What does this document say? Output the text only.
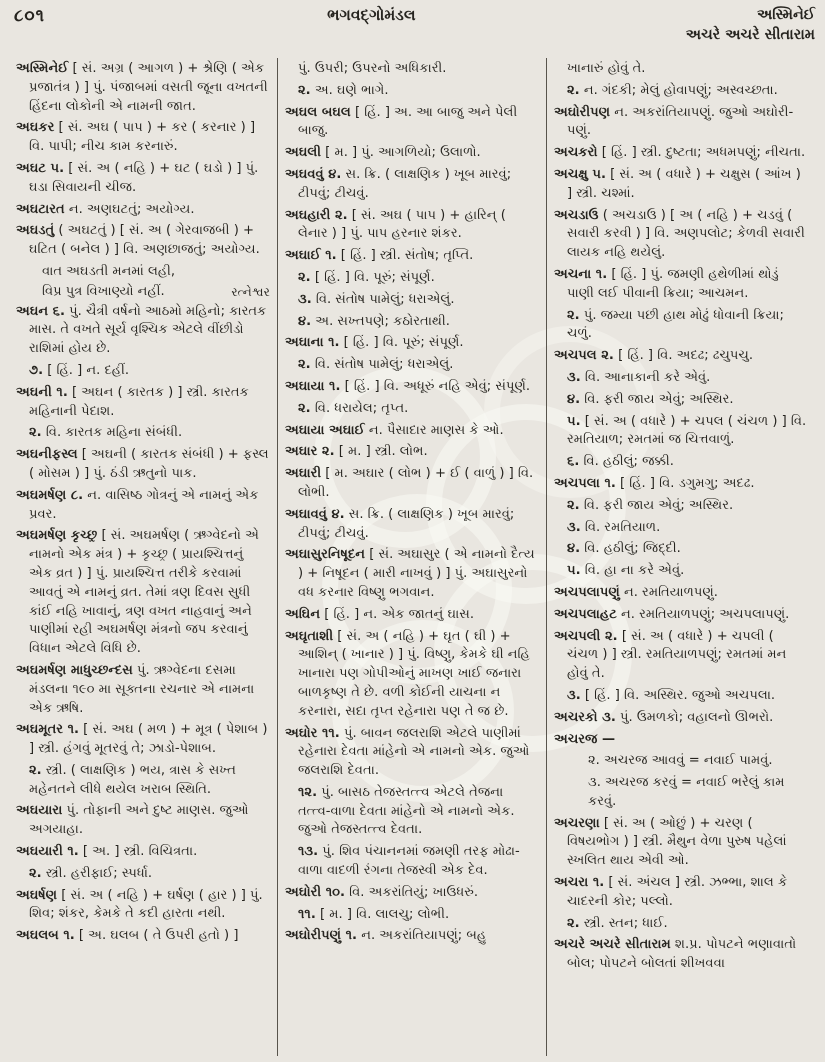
૮૦૧	ભગવદ્ગોમંડલ	અસ્મિનેઈ
અચરે અચરે સીતારામ

અસ્મિનેઈ [ સં. અગ્ર ( આગળ ) + શ્રેણિ ( એક પ્રજાતંત્ર ) ] પું. પંજાબમાં વસતી જૂના વખતની હિંદના લોકોની એ નામની જાત.

અઘકર [ સં. અઘ ( પાપ ) + કર ( કરનાર ) ] વિ. પાપી; નીચ કામ કરનારું.

અઘટ ૫. [ સં. અ ( નહિ ) + ઘટ ( ઘડો ) ] પું. ઘડા સિવાયની ચીજ.

અઘટારત ન. અણઘટતું; અયોગ્ય.

અઘડતું ( અઘટતું ) [ સં. અ ( ગેરવાજબી ) + ઘટિત ( બનેલ ) ] વિ. અણછાજતું; અયોગ્ય.

વાત અઘડતી મનમાં લહી,

વિપ્ર પુત્ર વિખાણ્યો નહીં.	રત્નેશ્વર

અઘન ૬. પું. ચૈત્રી વર્ષનો આઠમો મહિનો; કારતક માસ. તે વખતે સૂર્ય વૃશ્ચિક એટલે વીંછીડો રાશિમાં હોય છે.

૭. [ હિં. ] ન. દહીં.

અઘની ૧. [ અઘન ( કારતક ) ] સ્ત્રી. કારતક મહિનાની પેદાશ.

૨. વિ. કારતક મહિના સંબંધી.

અઘનીફસ્લ [ અઘની ( કારતક સંબંધી ) + ફસ્લ ( મોસમ ) ] પું. ઠંડી ઋતુનો પાક.

અઘમર્ષણ ૮. ન. વાસિષ્ઠ ગોત્રનું એ નામનું એક પ્રવર.

અઘમર્ષણ કૃચ્છ્ર [ સં. અઘમર્ષણ ( ઋગ્વેદનો એ નામનો એક મંત્ર ) + કૃચ્છ્ર ( પ્રાયશ્ચિત્તનું એક વ્રત ) ] પું. પ્રાયશ્ચિત્ત તરીકે કરવામાં આવતું એ નામનું વ્રત. તેમાં ત્રણ દિવસ સુધી કાંઈ નહિ ખાવાનું, ત્રણ વખત નાહવાનું અને પાણીમાં રહી અઘમર્ષણ મંત્રનો જપ કરવાનું વિધાન એટલે વિધિ છે.

અઘમર્ષણ માધુચ્છન્દસ પું. ઋગ્વેદના દસમા મંડલના ૧૯૦ મા સૂક્તના રચનાર એ નામના એક ઋષિ.

અઘમૂતર ૧. [ સં. અઘ ( મળ ) + મૂત્ર ( પેશાબ ) ] સ્ત્રી. હંગવું મૂતરવું તે; ઝાડો-પેશાબ.

૨. સ્ત્રી. ( લાક્ષણિક ) ભય, ત્રાસ કે સખ્ત મહેનતને લીધે થયેલ ખરાબ સ્થિતિ.

અઘયારા પું. તોફાની અને દુષ્ટ માણસ. જુઓ અગયાહા.

અઘયારી ૧. [ અ. ] સ્ત્રી. વિચિત્રતા.

૨. સ્ત્રી. હરીફાઈ; સ્પર્ધા.

અઘર્ષણ [ સં. અ ( નહિ ) + ઘર્ષણ ( હાર ) ] પું. શિવ; શંકર, કેમકે તે કદી હારતા નથી.

અઘલબ ૧. [ અ. ઘલબ ( તે ઉપરી હતો ) ]

પું. ઉપરી; ઉપરનો અધિકારી.

૨. અ. ઘણે ભાગે.

અઘલ બઘલ [ હિં. ] અ. આ બાજુ અને પેલી બાજુ.

અઘલી [ મ. ] પું. આગળિયો; ઉલાળો.

અઘવવું ૪. સ. ક્રિ. ( લાક્ષણિક ) ખૂબ મારવું; ટીપવું; ટીચવું.

અઘહારી ૨. [ સં. અઘ ( પાપ ) + હારિન્ ( લેનાર ) ] પું. પાપ હરનાર શંકર.

અઘાઈ ૧. [ હિં. ] સ્ત્રી. સંતોષ; તૃપ્તિ.

૨. [ હિં. ] વિ. પૂરું; સંપૂર્ણ.

૩. વિ. સંતોષ પામેલું; ધરાએલું.

૪. અ. સખ્તપણે; કઠોરતાથી.

અઘાના ૧. [ હિં. ] વિ. પૂરું; સંપૂર્ણ.

૨. વિ. સંતોષ પામેલું; ધરાએલું.

અઘાયા ૧. [ હિં. ] વિ. અધૂરું નહિ એવું; સંપૂર્ણ.

૨. વિ. ધરાયેલ; તૃપ્ત.

અઘાયા અઘાઈ ન. પૈસાદાર માણસ કે ઓ.

અઘાર ૨. [ મ. ] સ્ત્રી. લોભ.

અઘારી [ મ. અઘાર ( લોભ ) + ઈ ( વાળું ) ] વિ. લોભી.

અઘાવવું ૪. સ. ક્રિ. ( લાક્ષણિક ) ખૂબ મારવું; ટીપવું; ટીચવું.

અઘાસુરનિષૂદન [ સં. અઘાસુર ( એ નામનો દૈત્ય ) + નિષૂદન ( મારી નાખવું ) ] પું. અઘાસુરનો વધ કરનાર વિષ્ણુ ભગવાન.

અઘિન [ હિં. ] ન. એક જાતનું ઘાસ.

અઘૃતાશી [ સં. અ ( નહિ ) + ઘૃત ( ઘી ) + આશિન્ ( ખાનાર ) ] પું. વિષ્ણુ, કેમકે ઘી નહિ ખાનારા પણ ગોપીઓનું માખણ ખાઈ જનારા બાળકૃષ્ણ તે છે. વળી કોઈની યાચના ન કરનારા, સદા તૃપ્ત રહેનારા પણ તે જ છે.

અઘોર ૧૧. પું. બાવન જલરાશિ એટલે પાણીમાં રહેનારા દેવતા માંહેનો એ નામનો એક. જુઓ જલરાશિ દેવતા.

૧૨. પું. બાસઠ તેજસ્તત્ત્વ એટલે તેજના તત્ત્વ-વાળા દેવતા માંહેનો એ નામનો એક. જુઓ તેજસ્તત્ત્વ દેવતા.

૧૩. પું. શિવ પંચાનનમાં જમણી તરફ મોઢા-વાળા વાદળી રંગના તેજસ્વી એક દેવ.

અઘોરી ૧૦. વિ. અકરાંતિયું; ખાઉધરું.

૧૧. [ મ. ] વિ. લાલચુ; લોભી.

અઘોરીપણું ૧. ન. અકરાંતિયાપણું; બહુ

ખાનારું હોવું તે.

૨. ન. ગંદકી; મેલું હોવાપણું; અસ્વચ્છતા.

અઘોરીપણ ન. અકરાંતિયાપણું. જુઓ અઘોરી-પણું.

અચકરો [ હિં. ] સ્ત્રી. દુષ્ટતા; અધમપણું; નીચતા.

અચક્ષુ ૫. [ સં. અ ( વધારે ) + ચક્ષુસ ( આંખ ) ] સ્ત્રી. ચશ્માં.

અચડાઉ ( અચડાઉ ) [ અ ( નહિ ) + ચડવું ( સવારી કરવી ) ] વિ. અણપલોટ; કેળવી સવારી લાયક નહિ થયેલું.

અચના ૧. [ હિં. ] પું. જમણી હથેળીમાં થોડું પાણી લઈ પીવાની ક્રિયા; આચમન.

૨. પું. જમ્યા પછી હાથ મોઢું ધોવાની ક્રિયા; ચળું.

અચપલ ૨. [ હિં. ] વિ. અદઢ; ઢચુપચુ.

૩. વિ. આનાકાની કરે એવું.

૪. વિ. ફરી જાય એવું; અસ્થિર.

૫. [ સં. અ ( વધારે ) + ચપલ ( ચંચળ ) ] વિ. રમતિયાળ; રમતમાં જ ચિત્તવાળું.

૬. વિ. હઠીલું; જક્કી.

અચપલા ૧. [ હિં. ] વિ. ડગુમગુ; અદઢ.

૨. વિ. ફરી જાય એવું; અસ્થિર.

૩. વિ. રમતિયાળ.

૪. વિ. હઠીલું; જિદ્દી.

૫. વિ. હા ના કરે એવું.

અચપલાપણું ન. રમતિયાળપણું.

અચપલાહટ ન. રમતિયાળપણું; અચપલાપણું.

અચપલી ૨. [ સં. અ ( વધારે ) + ચપલી ( ચંચળ ) ] સ્ત્રી. રમતિયાળપણું; રમતમાં મન હોવું તે.

૩. [ હિં. ] વિ. અસ્થિર. જુઓ અચપલા.

અચરકો ૩. પું. ઉમળકો; વહાલનો ઊભરો.

અચરજ —

૨. અચરજ આવવું = નવાઈ પામવું.

૩. અચરજ કરવું = નવાઈ ભરેલું કામ કરવું.

અચરણા [ સં. અ ( ઓછું ) + ચરણ ( વિષયભોગ ) ] સ્ત્રી. મૈથુન વેળા પુરુષ પહેલાં સ્ખલિત થાય એવી ઓ.

અચરા ૧. [ સં. અંચલ ] સ્ત્રી. ઝભ્ભા, શાલ કે ચાદરની કોર; પલ્લો.

૨. સ્ત્રી. સ્તન; ધાઈ.

અચરે અચરે સીતારામ શ.પ્ર. પોપટને ભણાવાતો બોલ; પોપટને બોલતાં શીખવવા
